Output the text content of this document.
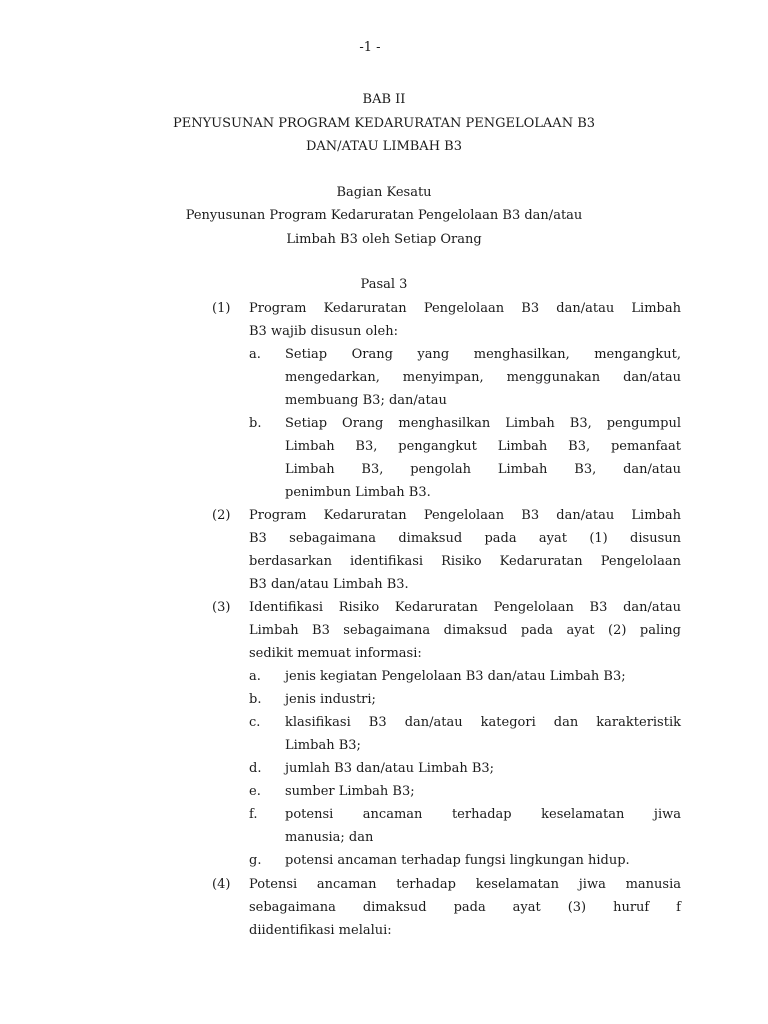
-1 -
BAB II
PENYUSUNAN PROGRAM KEDARURATAN PENGELOLAAN B3
DAN/ATAU LIMBAH B3
Bagian Kesatu
Penyusunan Program Kedaruratan Pengelolaan B3 dan/atau
Limbah B3 oleh Setiap Orang
Pasal 3
(1) Program Kedaruratan Pengelolaan B3 dan/atau Limbah
B3 wajib disusun oleh:
a. Setiap Orang yang menghasilkan, mengangkut,
mengedarkan, menyimpan, menggunakan dan/atau
membuang B3; dan/atau
b. Setiap Orang menghasilkan Limbah B3, pengumpul
Limbah B3, pengangkut Limbah B3, pemanfaat
Limbah B3, pengolah Limbah B3, dan/atau
penimbun Limbah B3.
(2) Program Kedaruratan Pengelolaan B3 dan/atau Limbah
B3 sebagaimana dimaksud pada ayat (1) disusun
berdasarkan identifikasi Risiko Kedaruratan Pengelolaan
B3 dan/atau Limbah B3.
(3) Identifikasi Risiko Kedaruratan Pengelolaan B3 dan/atau
Limbah B3 sebagaimana dimaksud pada ayat (2) paling
sedikit memuat informasi:
a. jenis kegiatan Pengelolaan B3 dan/atau Limbah B3;
b. jenis industri;
c. klasifikasi B3 dan/atau kategori dan karakteristik
Limbah B3;
d. jumlah B3 dan/atau Limbah B3;
e. sumber Limbah B3;
f. potensi ancaman terhadap keselamatan jiwa
manusia; dan
g. potensi ancaman terhadap fungsi lingkungan hidup.
(4) Potensi ancaman terhadap keselamatan jiwa manusia
sebagaimana dimaksud pada ayat (3) huruf f
diidentifikasi melalui:
